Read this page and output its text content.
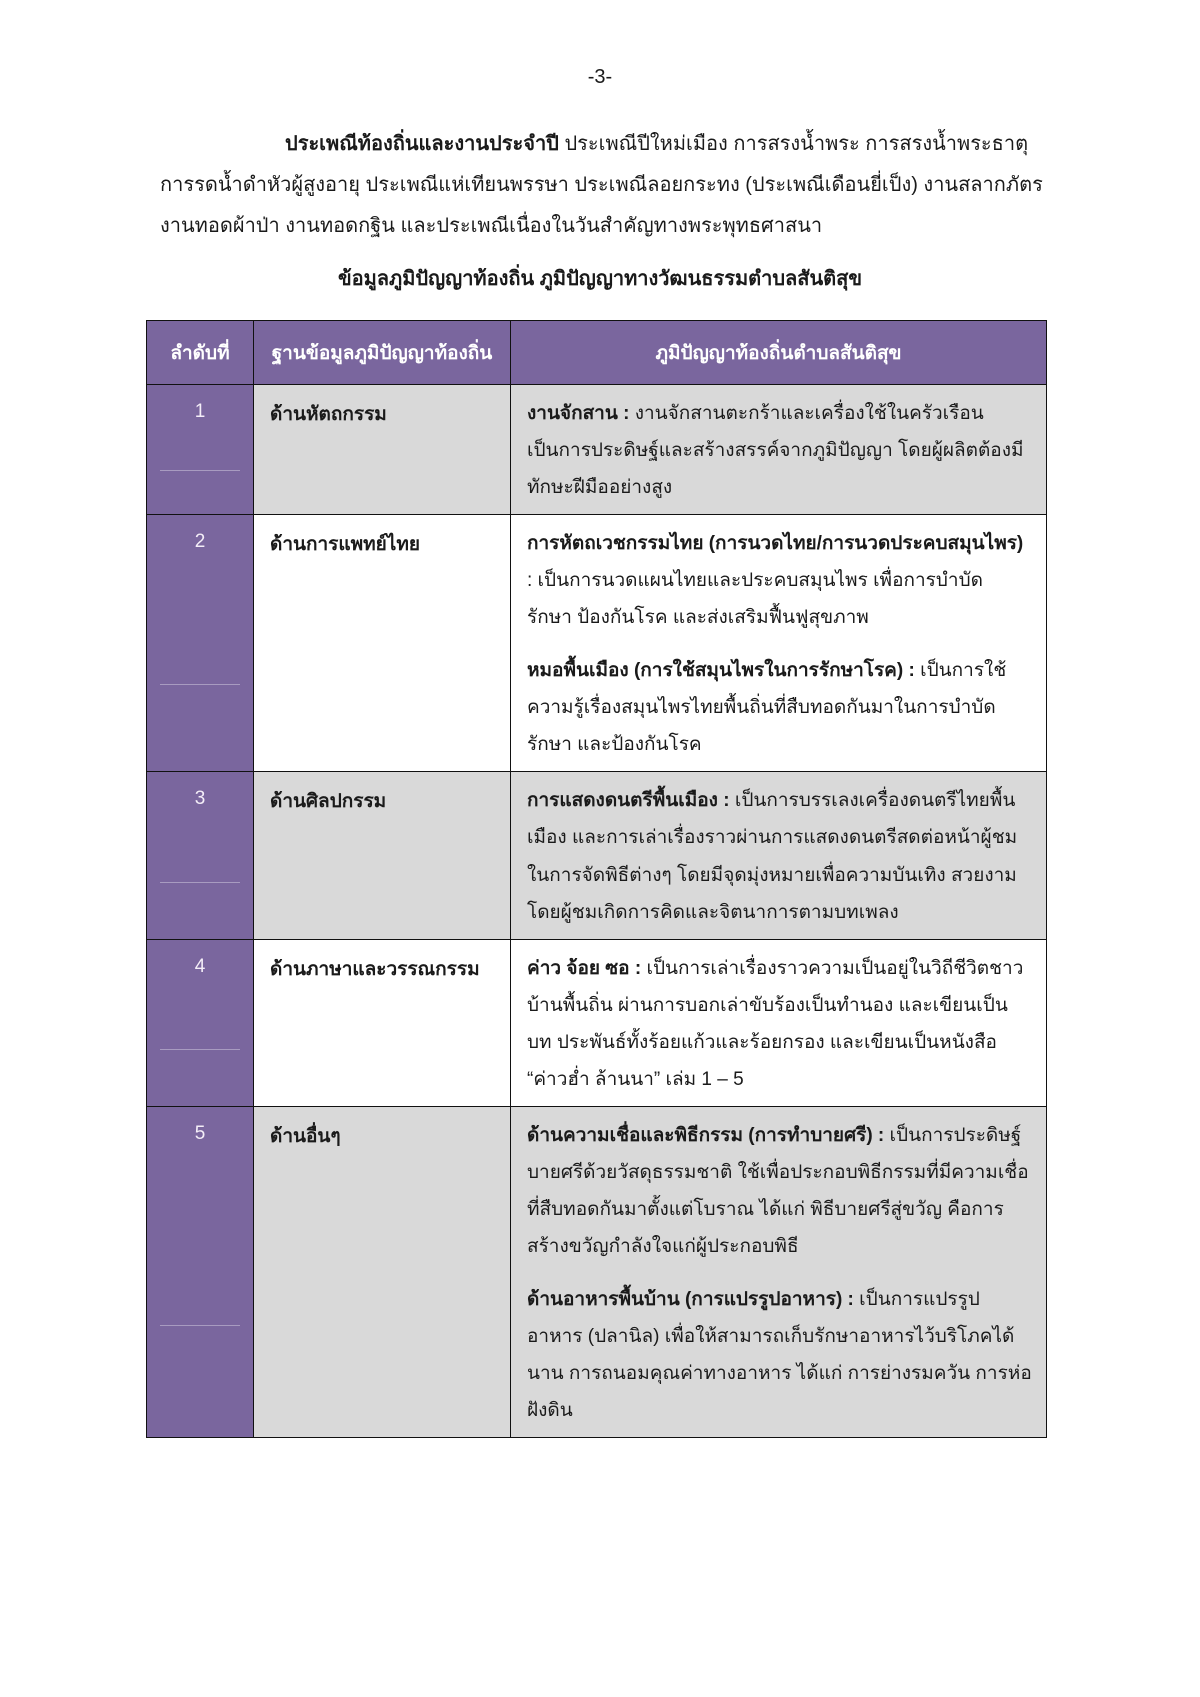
-3-
ประเพณีท้องถิ่นและงานประจำปี ประเพณีปีใหม่เมือง การสรงน้ำพระ การสรงน้ำพระธาตุ
การรดน้ำดำหัวผู้สูงอายุ ประเพณีแห่เทียนพรรษา ประเพณีลอยกระทง (ประเพณีเดือนยี่เป็ง) งานสลากภัตร
งานทอดผ้าป่า งานทอดกฐิน และประเพณีเนื่องในวันสำคัญทางพระพุทธศาสนา
ข้อมูลภูมิปัญญาท้องถิ่น ภูมิปัญญาทางวัฒนธรรมตำบลสันติสุข
ลำดับที่	ฐานข้อมูลภูมิปัญญาท้องถิ่น	ภูมิปัญญาท้องถิ่นตำบลสันติสุข
1	ด้านหัตถกรรม	งานจักสาน : งานจักสานตะกร้าและเครื่องใช้ในครัวเรือน เป็นการประดิษฐ์และสร้างสรรค์จากภูมิปัญญา โดยผู้ผลิตต้องมีทักษะฝีมืออย่างสูง

2	ด้านการแพทย์ไทย	การหัตถเวชกรรมไทย (การนวดไทย/การนวดประคบสมุนไพร) : เป็นการนวดแผนไทยและประคบสมุนไพร เพื่อการบำบัด รักษา ป้องกันโรค และส่งเสริมฟื้นฟูสุขภาพ
หมอพื้นเมือง (การใช้สมุนไพรในการรักษาโรค) : เป็นการใช้ความรู้เรื่องสมุนไพรไทยพื้นถิ่นที่สืบทอดกันมาในการบำบัด รักษา และป้องกันโรค

3	ด้านศิลปกรรม	การแสดงดนตรีพื้นเมือง : เป็นการบรรเลงเครื่องดนตรีไทยพื้นเมือง และการเล่าเรื่องราวผ่านการแสดงดนตรีสดต่อหน้าผู้ชมในการจัดพิธีต่างๆ โดยมีจุดมุ่งหมายเพื่อความบันเทิง สวยงาม โดยผู้ชมเกิดการคิดและจิตนาการตามบทเพลง

4	ด้านภาษาและวรรณกรรม	ค่าว จ้อย ซอ : เป็นการเล่าเรื่องราวความเป็นอยู่ในวิถีชีวิตชาวบ้านพื้นถิ่น ผ่านการบอกเล่าขับร้องเป็นทำนอง และเขียนเป็นบท ประพันธ์ทั้งร้อยแก้วและร้อยกรอง และเขียนเป็นหนังสือ “ค่าวฮ่ำ ล้านนา” เล่ม 1 – 5

5	ด้านอื่นๆ	ด้านความเชื่อและพิธีกรรม (การทำบายศรี) : เป็นการประดิษฐ์บายศรีด้วยวัสดุธรรมชาติ ใช้เพื่อประกอบพิธีกรรมที่มีความเชื่อที่สืบทอดกันมาตั้งแต่โบราณ ได้แก่ พิธีบายศรีสู่ขวัญ คือการสร้างขวัญกำลังใจแก่ผู้ประกอบพิธี
ด้านอาหารพื้นบ้าน (การแปรรูปอาหาร) : เป็นการแปรรูปอาหาร (ปลานิล) เพื่อให้สามารถเก็บรักษาอาหารไว้บริโภคได้นาน การถนอมคุณค่าทางอาหาร ได้แก่ การย่างรมควัน การห่อฝังดิน
